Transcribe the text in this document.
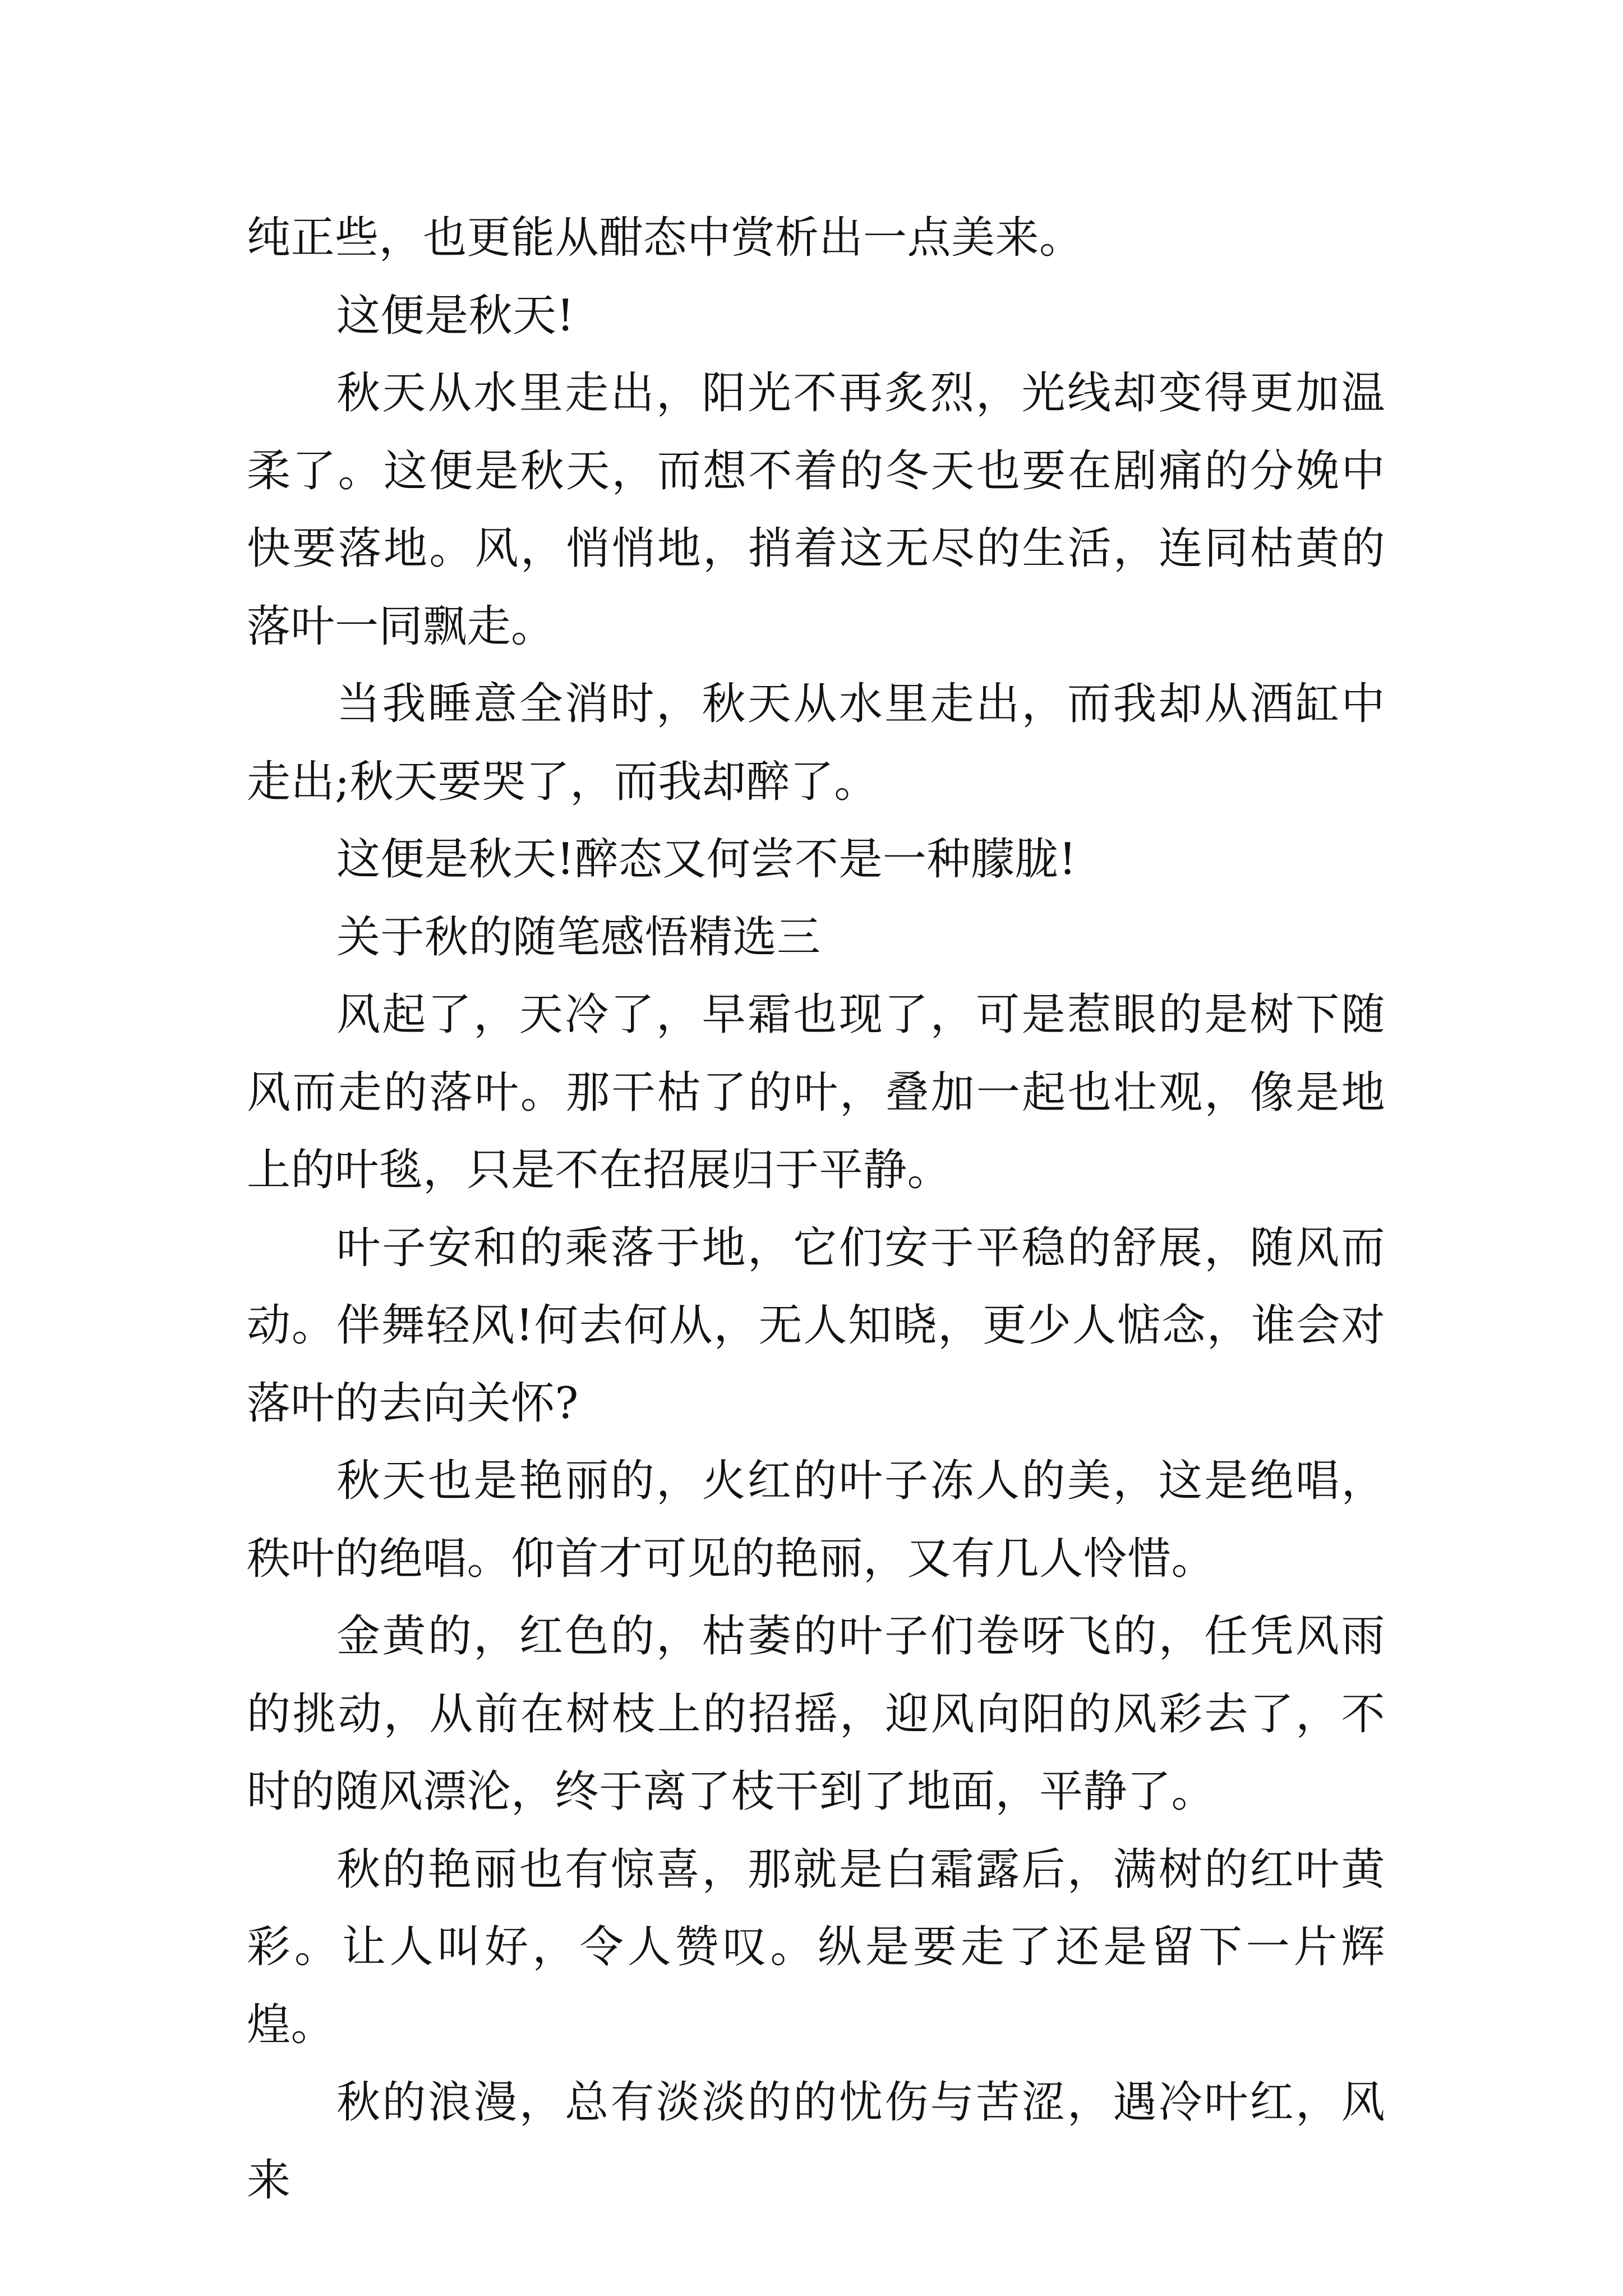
纯正些，也更能从酣态中赏析出一点美来。

这便是秋天!

秋天从水里走出，阳光不再炙烈，光线却变得更加温柔了。这便是秋天，而想不着的冬天也要在剧痛的分娩中快要落地。风，悄悄地，捎着这无尽的生活，连同枯黄的落叶一同飘走。

当我睡意全消时，秋天从水里走出，而我却从酒缸中走出;秋天要哭了，而我却醉了。

这便是秋天!醉态又何尝不是一种朦胧!

关于秋的随笔感悟精选三

风起了，天冷了，早霜也现了，可是惹眼的是树下随风而走的落叶。那干枯了的叶，叠加一起也壮观，像是地上的叶毯，只是不在招展归于平静。

叶子安和的乘落于地，它们安于平稳的舒展，随风而动。伴舞轻风!何去何从，无人知晓，更少人惦念，谁会对落叶的去向关怀?

秋天也是艳丽的，火红的叶子冻人的美，这是绝唱，秩叶的绝唱。仰首才可见的艳丽，又有几人怜惜。

金黄的，红色的，枯萎的叶子们卷呀飞的，任凭风雨的挑动，从前在树枝上的招摇，迎风向阳的风彩去了，不时的随风漂沦，终于离了枝干到了地面，平静了。

秋的艳丽也有惊喜，那就是白霜露后，满树的红叶黄彩。让人叫好，令人赞叹。纵是要走了还是留下一片辉煌。

秋的浪漫，总有淡淡的的忧伤与苦涩，遇冷叶红，风来
